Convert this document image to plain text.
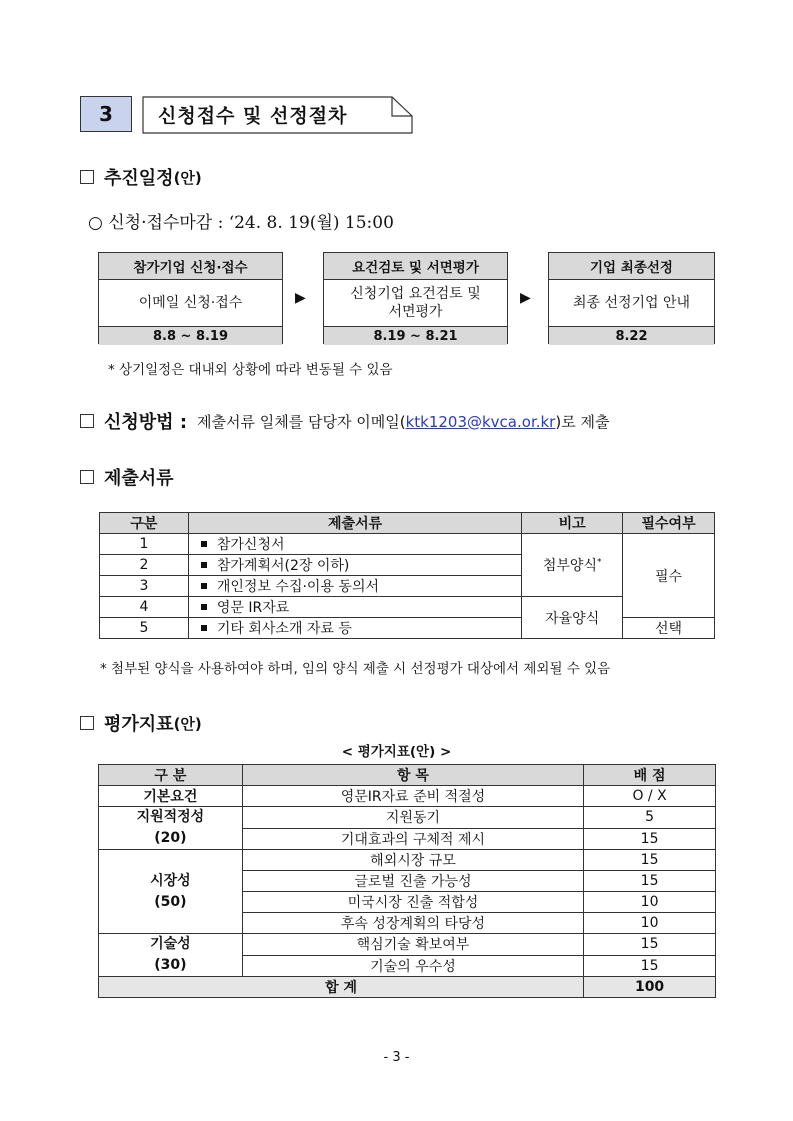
3	신청접수 및 선정절차
추진일정 (안)
○ 신청·접수마감 : ‘24. 8. 19(월) 15:00
참가기업 신청·접수
이메일 신청·접수
8.8 ~ 8.19
▶
요건검토 및 서면평가
신청기업 요건검토 및 서면평가
8.19 ~ 8.21
▶
기업 최종선정
최종 선정기업 안내
8.22
* 상기일정은 대내외 상황에 따라 변동될 수 있음
신청방법 : 제출서류 일체를 담당자 이메일(ktk1203@kvca.or.kr)로 제출
제출서류
구분	제출서류	비고	필수여부
1	참가신청서	첨부양식*	필수
2	참가계획서(2장 이하)		
3	개인정보 수집·이용 동의서		
4	영문 IR자료	자율양식	
5	기타 회사소개 자료 등		선택
* 첨부된 양식을 사용하여야 하며, 임의 양식 제출 시 선정평가 대상에서 제외될 수 있음
평가지표 (안)
< 평가지표(안) >
구 분	항 목	배 점
기본요건	영문IR자료 준비 적절성	O / X

지원적정성
(20)	지원동기	5
	기대효과의 구체적 제시	15

시장성
(50)	해외시장 규모	15
	글로벌 진출 가능성	15
	미국시장 진출 적합성	10
	후속 성장계획의 타당성	10

기술성
(30)	핵심기술 확보여부	15
	기술의 우수성	15
합 계		100
- 3 -
